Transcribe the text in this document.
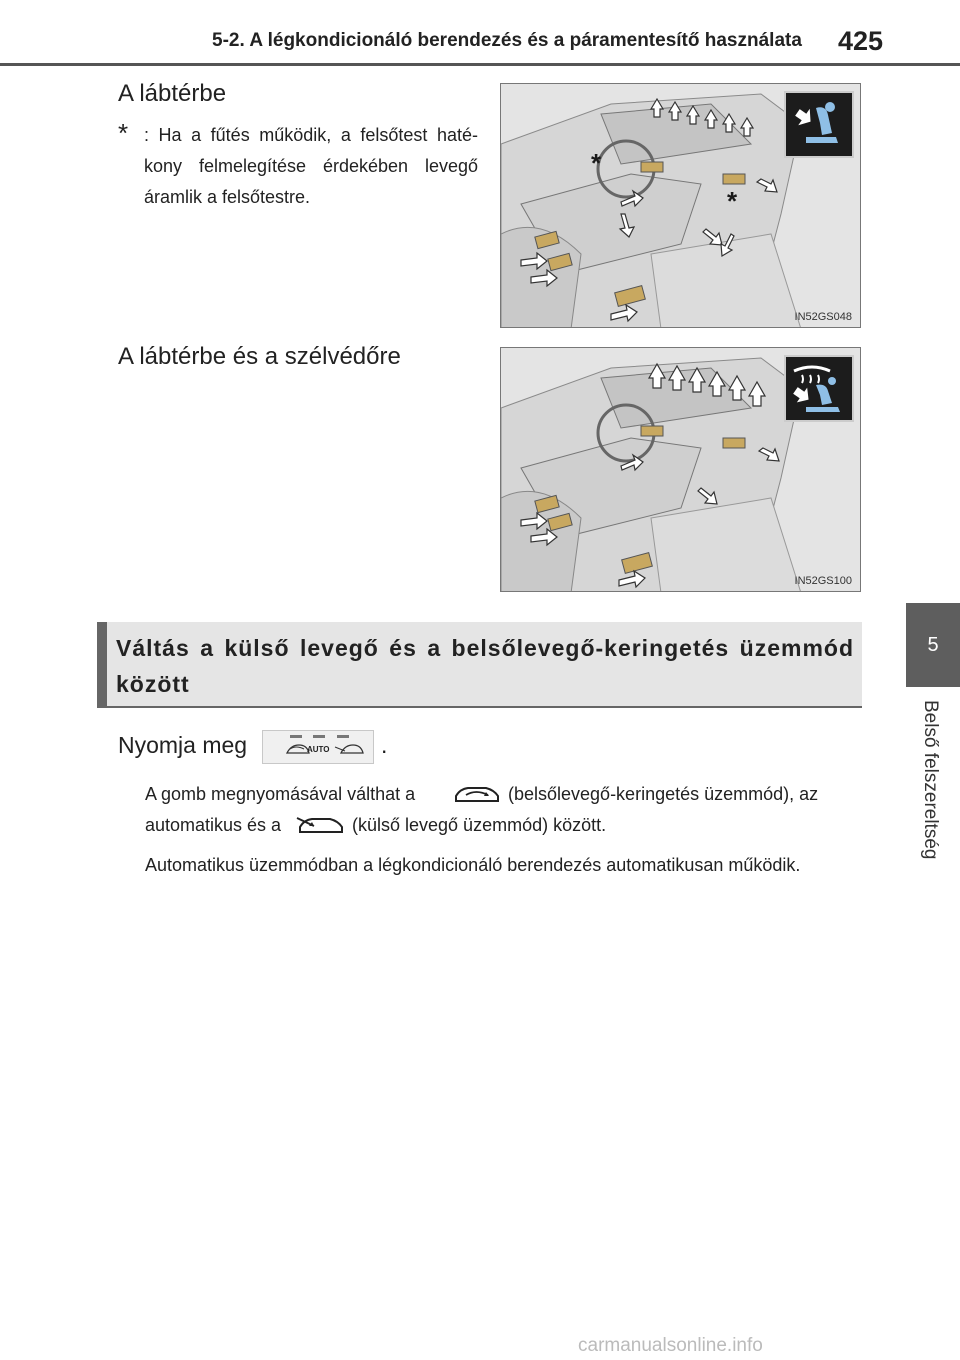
5-2. A légkondicionáló berendezés és a páramentesítő használata 425
5
Belső felszereltség
A lábtérbe
* : Ha a fűtés működik, a felsőtest haté-kony felmelegítése érdekében levegő áramlik a felsőtestre.
*
*
IN52GS048
A lábtérbe és a szélvédőre
IN52GS100
Váltás a külső levegő és a belsőlevegő-keringetés üzemmód között
Nyomja meg	AUTO .
A gomb megnyomásával válthat a	(belsőlevegő-keringetés üzemmód), az
automatikus és a	(külső levegő üzemmód) között.
Automatikus üzemmódban a légkondicionáló berendezés automatikusan működik.
carmanualsonline.info
